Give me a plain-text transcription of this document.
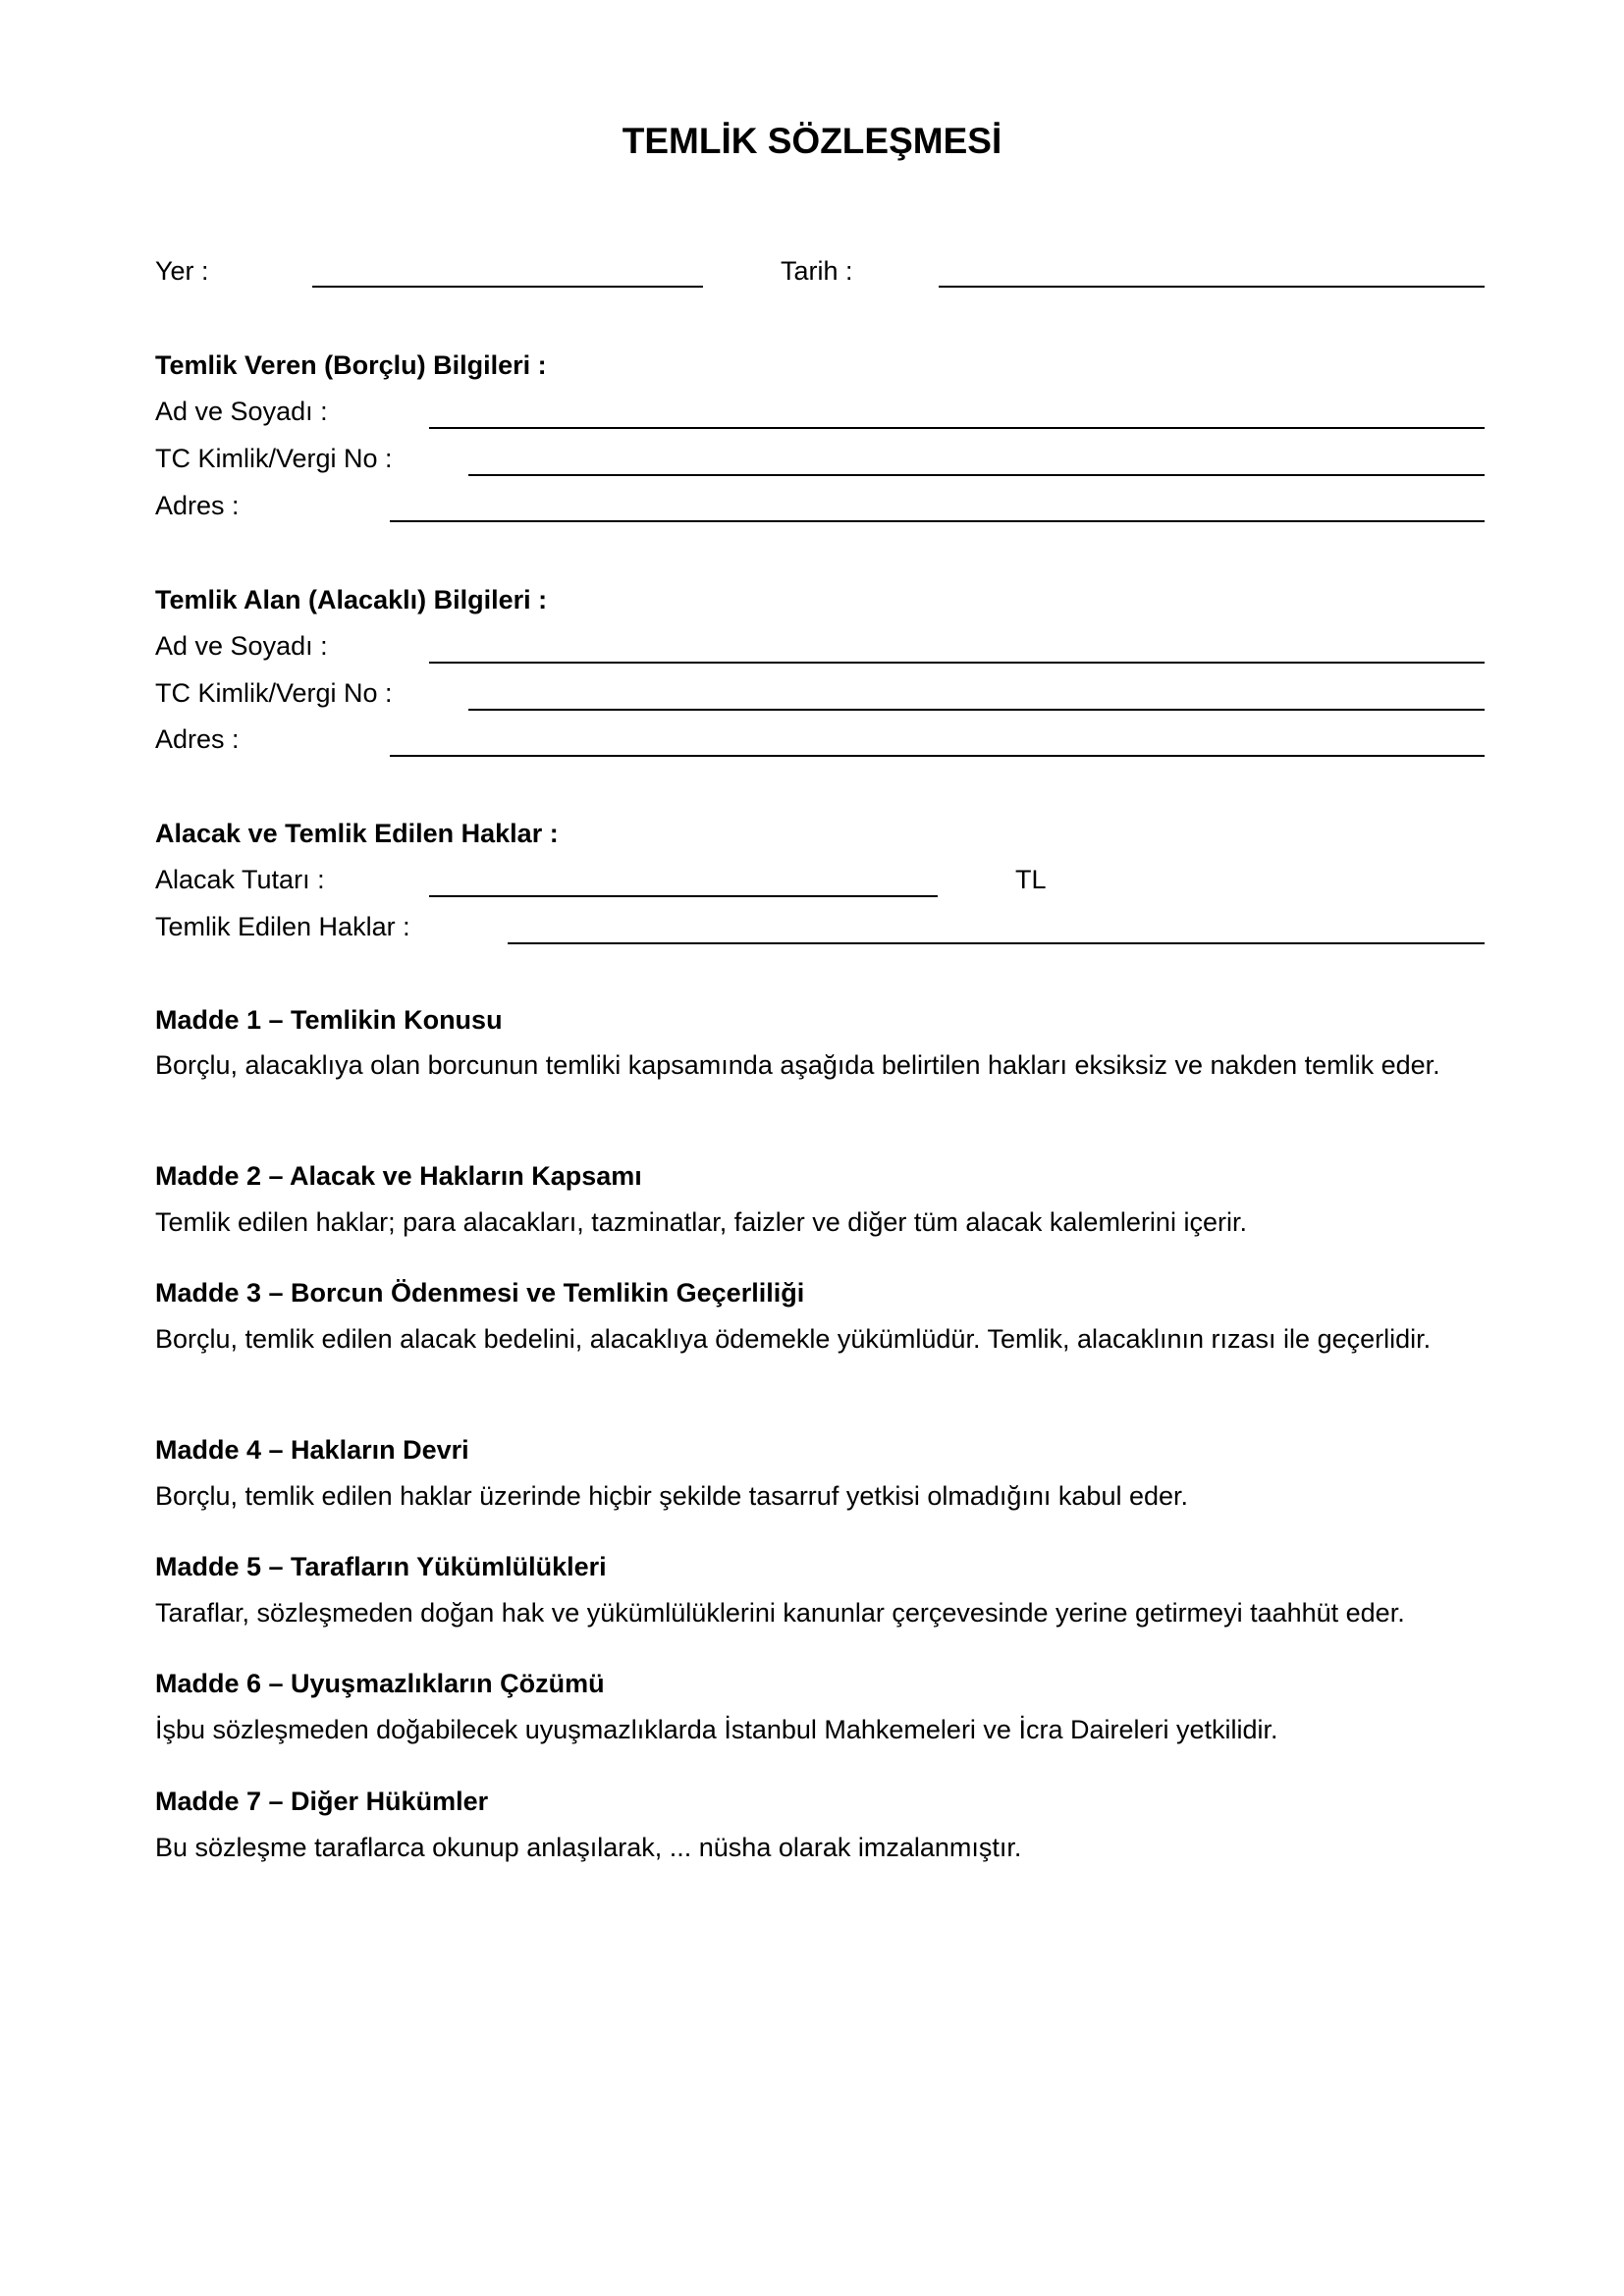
TEMLİK SÖZLEŞMESİ
Yer :	Tarih :
Temlik Veren (Borçlu) Bilgileri :
Ad ve Soyadı :
TC Kimlik/Vergi No :
Adres :
Temlik Alan (Alacaklı) Bilgileri :
Ad ve Soyadı :
TC Kimlik/Vergi No :
Adres :
Alacak ve Temlik Edilen Haklar :
Alacak Tutarı :	TL
Temlik Edilen Haklar :
Madde 1 – Temlikin Konusu
Borçlu, alacaklıya olan borcunun temliki kapsamında aşağıda belirtilen hakları eksiksiz ve nakden temlik eder.
Madde 2 – Alacak ve Hakların Kapsamı
Temlik edilen haklar; para alacakları, tazminatlar, faizler ve diğer tüm alacak kalemlerini içerir.
Madde 3 – Borcun Ödenmesi ve Temlikin Geçerliliği
Borçlu, temlik edilen alacak bedelini, alacaklıya ödemekle yükümlüdür. Temlik, alacaklının rızası ile geçerlidir.
Madde 4 – Hakların Devri
Borçlu, temlik edilen haklar üzerinde hiçbir şekilde tasarruf yetkisi olmadığını kabul eder.
Madde 5 – Tarafların Yükümlülükleri
Taraflar, sözleşmeden doğan hak ve yükümlülüklerini kanunlar çerçevesinde yerine getirmeyi taahhüt eder.
Madde 6 – Uyuşmazlıkların Çözümü
İşbu sözleşmeden doğabilecek uyuşmazlıklarda İstanbul Mahkemeleri ve İcra Daireleri yetkilidir.
Madde 7 – Diğer Hükümler
Bu sözleşme taraflarca okunup anlaşılarak, ... nüsha olarak imzalanmıştır.
